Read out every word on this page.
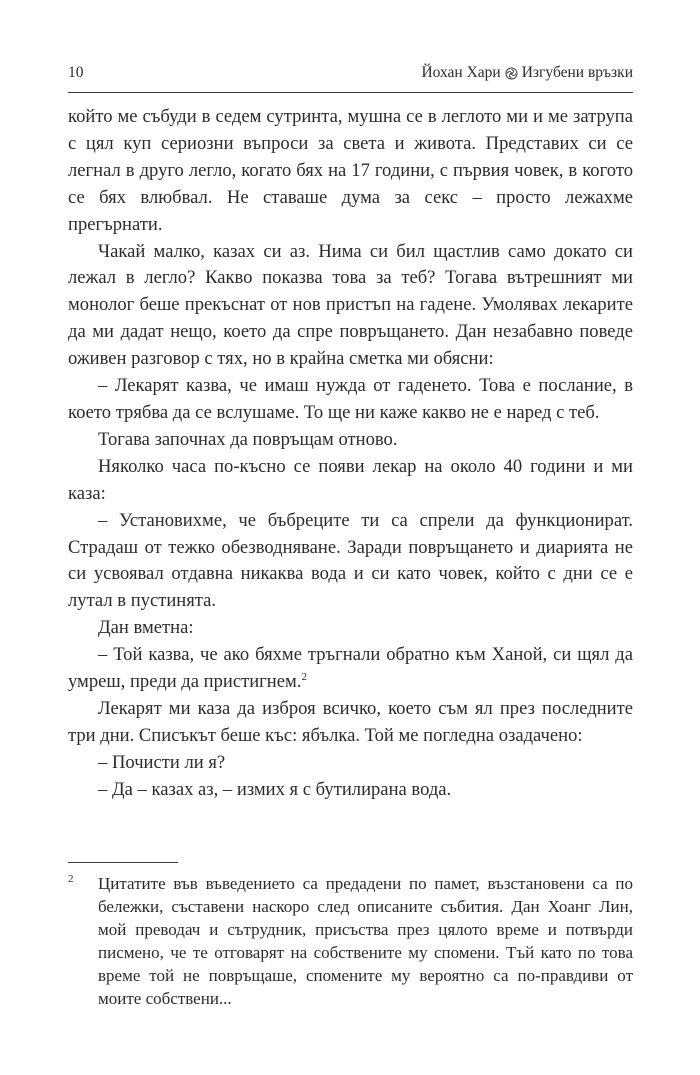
10	Йохан Хари Изгубени връзки

който ме събуди в седем сутринта, мушна се в леглото ми и ме затрупа с цял куп сериозни въпроси за света и живота. Представих си се легнал в друго легло, когато бях на 17 години, с първия човек, в когото се бях влюбвал. Не ставаше дума за секс – просто лежахме прегърнати.

Чакай малко, казах си аз. Нима си бил щастлив само докато си лежал в легло? Какво показва това за теб? Тогава вътрешният ми монолог беше прекъснат от нов пристъп на гадене. Умолявах лекарите да ми дадат нещо, което да спре повръщането. Дан незабавно поведе оживен разговор с тях, но в крайна сметка ми обясни:

– Лекарят казва, че имаш нужда от гаденето. Това е послание, в което трябва да се вслушаме. То ще ни каже какво не е наред с теб.

Тогава започнах да повръщам отново.

Няколко часа по-късно се появи лекар на около 40 години и ми каза:

– Установихме, че бъбреците ти са спрели да функционират. Страдаш от тежко обезводняване. Заради повръщането и диарията не си усвоявал отдавна никаква вода и си като човек, който с дни се е лутал в пустинята.

Дан вметна:

– Той казва, че ако бяхме тръгнали обратно към Ханой, си щял да умреш, преди да пристигнем.$^2$

Лекарят ми каза да изброя всичко, което съм ял през последните три дни. Списъкът беше къс: ябълка. Той ме погледна озадачено:

– Почисти ли я?

– Да – казах аз, – измих я с бутилирана вода.

2 Цитатите във въведението са предадени по памет, възстановени са по бележки, съставени наскоро след описаните събития. Дан Хоанг Лин, мой преводач и сътрудник, присъства през цялото време и потвърди писмено, че те отговарят на собствените му спомени. Тъй като по това време той не повръщаше, спомените му вероятно са по-правдиви от моите собствени...
